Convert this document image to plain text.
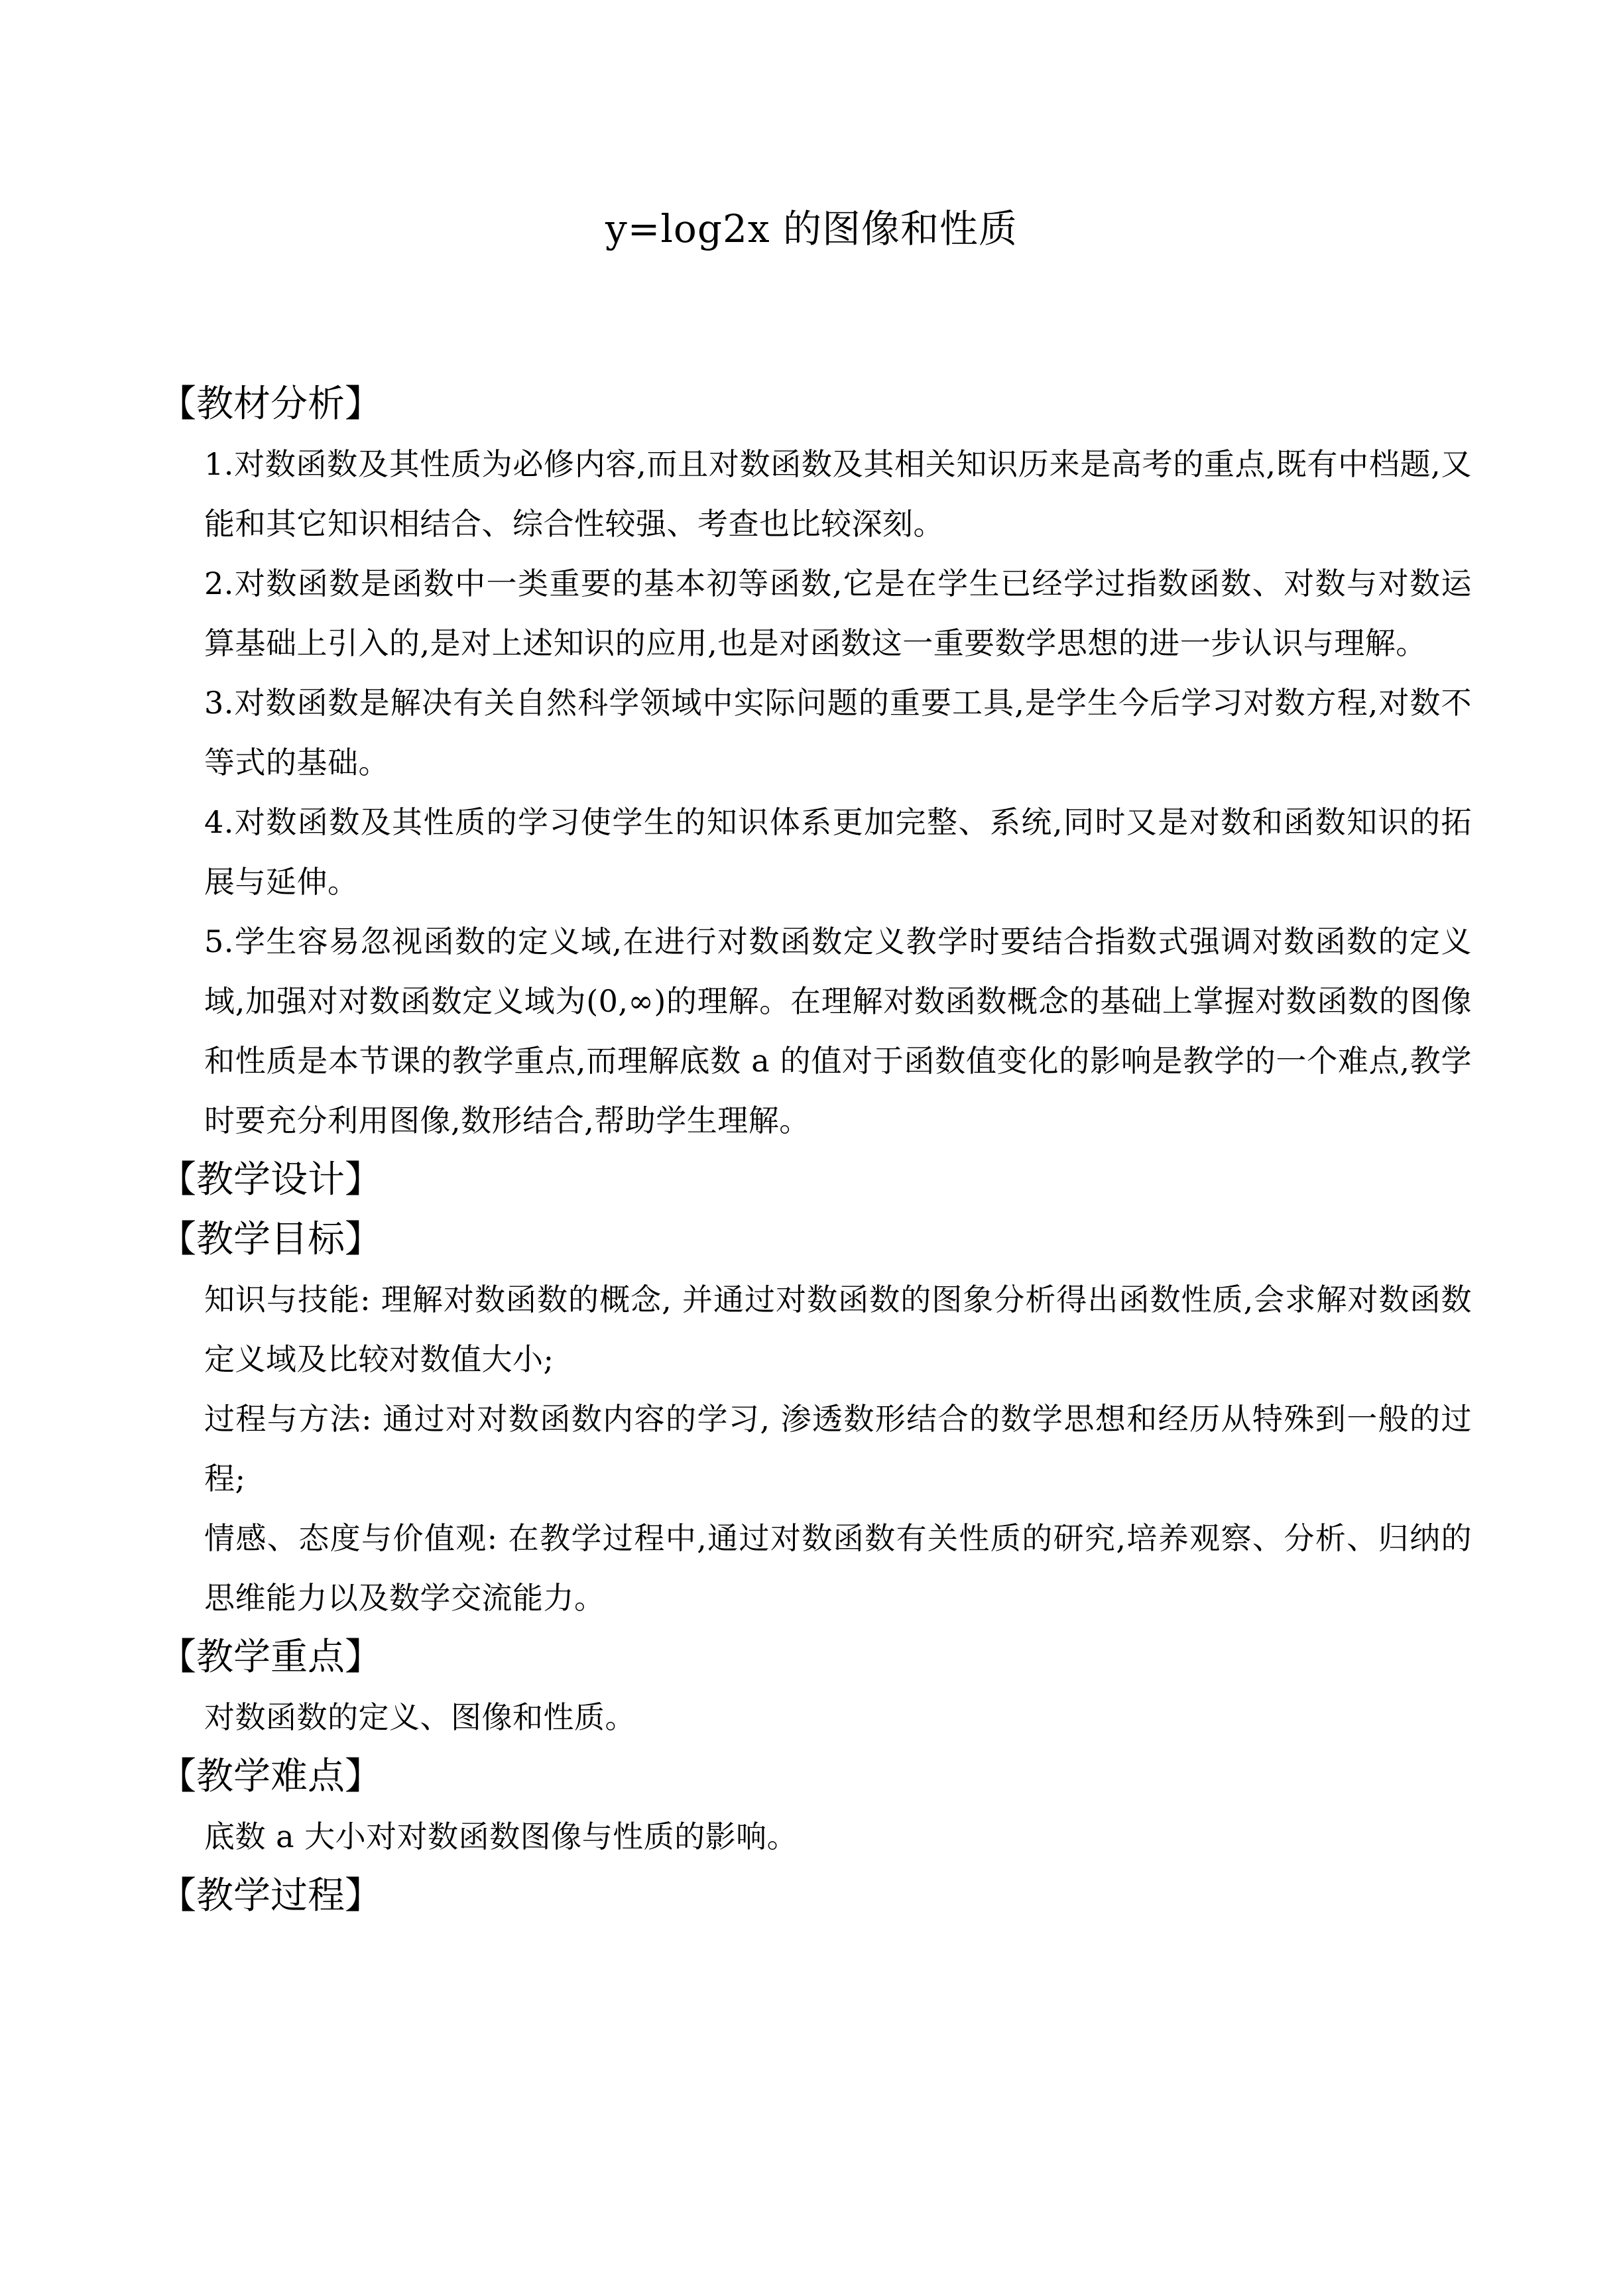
y=log2x 的图像和性质
【教材分析】
1.对数函数及其性质为必修内容,而且对数函数及其相关知识历来是高考的重点,既有中档题,又能和其它知识相结合、综合性较强、考查也比较深刻。
2.对数函数是函数中一类重要的基本初等函数,它是在学生已经学过指数函数、对数与对数运算基础上引入的,是对上述知识的应用,也是对函数这一重要数学思想的进一步认识与理解。
3.对数函数是解决有关自然科学领域中实际问题的重要工具,是学生今后学习对数方程,对数不等式的基础。
4.对数函数及其性质的学习使学生的知识体系更加完整、系统,同时又是对数和函数知识的拓展与延伸。
5.学生容易忽视函数的定义域,在进行对数函数定义教学时要结合指数式强调对数函数的定义域,加强对对数函数定义域为(0,∞)的理解。在理解对数函数概念的基础上掌握对数函数的图像和性质是本节课的教学重点,而理解底数 a 的值对于函数值变化的影响是教学的一个难点,教学时要充分利用图像,数形结合,帮助学生理解。
【教学设计】
【教学目标】
知识与技能: 理解对数函数的概念, 并通过对数函数的图象分析得出函数性质,会求解对数函数定义域及比较对数值大小;
过程与方法: 通过对对数函数内容的学习, 渗透数形结合的数学思想和经历从特殊到一般的过程;
情感、态度与价值观: 在教学过程中,通过对数函数有关性质的研究,培养观察、分析、归纳的思维能力以及数学交流能力。
【教学重点】
对数函数的定义、图像和性质。
【教学难点】
底数 a 大小对对数函数图像与性质的影响。
【教学过程】
